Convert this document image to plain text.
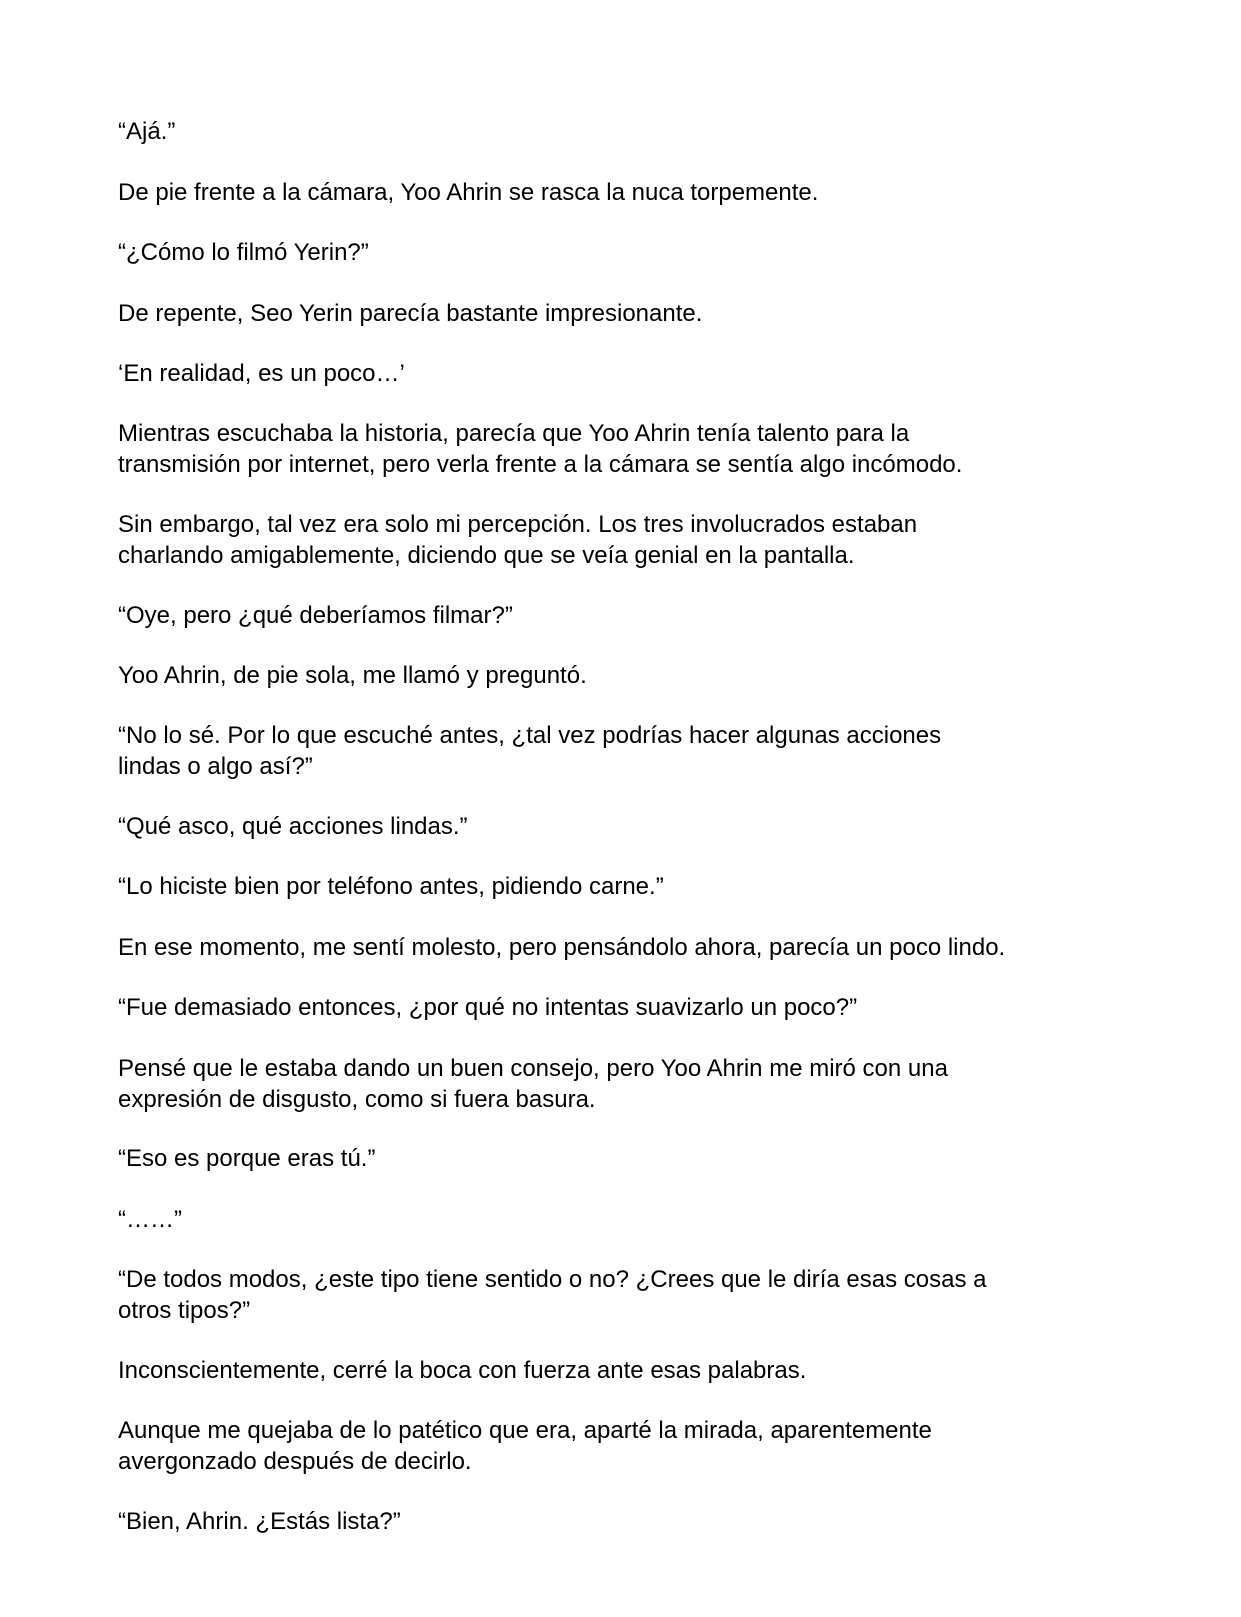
“Ajá.”

De pie frente a la cámara, Yoo Ahrin se rasca la nuca torpemente.

“¿Cómo lo filmó Yerin?”

De repente, Seo Yerin parecía bastante impresionante.

‘En realidad, es un poco…’

Mientras escuchaba la historia, parecía que Yoo Ahrin tenía talento para la
transmisión por internet, pero verla frente a la cámara se sentía algo incómodo.

Sin embargo, tal vez era solo mi percepción. Los tres involucrados estaban
charlando amigablemente, diciendo que se veía genial en la pantalla.

“Oye, pero ¿qué deberíamos filmar?”

Yoo Ahrin, de pie sola, me llamó y preguntó.

“No lo sé. Por lo que escuché antes, ¿tal vez podrías hacer algunas acciones
lindas o algo así?”

“Qué asco, qué acciones lindas.”

“Lo hiciste bien por teléfono antes, pidiendo carne.”

En ese momento, me sentí molesto, pero pensándolo ahora, parecía un poco lindo.

“Fue demasiado entonces, ¿por qué no intentas suavizarlo un poco?”

Pensé que le estaba dando un buen consejo, pero Yoo Ahrin me miró con una
expresión de disgusto, como si fuera basura.

“Eso es porque eras tú.”

“……”

“De todos modos, ¿este tipo tiene sentido o no? ¿Crees que le diría esas cosas a
otros tipos?”

Inconscientemente, cerré la boca con fuerza ante esas palabras.

Aunque me quejaba de lo patético que era, aparté la mirada, aparentemente
avergonzado después de decirlo.

“Bien, Ahrin. ¿Estás lista?”
